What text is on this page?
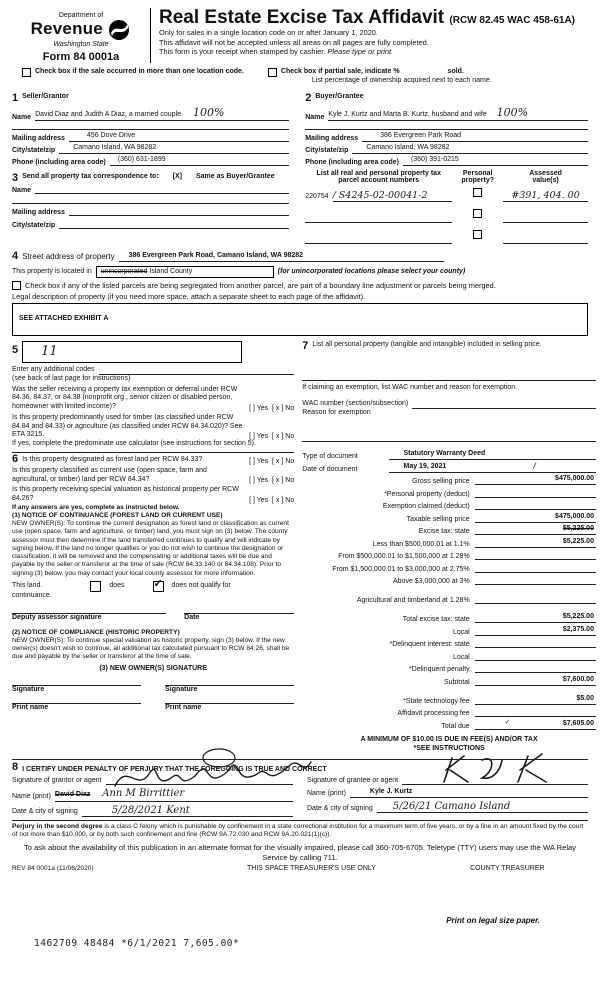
Department of
Revenue
Washington State
Form 84 0001a
Real Estate Excise Tax Affidavit (RCW 82.45 WAC 458-61A)
Only for sales in a single location code on or after January 1, 2020.
This affidavit will not be accepted unless all areas on all pages are fully completed.
This form is your receipt when stamped by cashier. Please type or print.
Check box if the sale occurred in more than one location code.	Check box if partial sale, indicate %	sold.
List percentage of ownership acquired next to each name.
1 Seller/Grantor
Name David Diaz and Judith A Diaz, a married couple 100%
Mailing address	456 Dove Drive
City/state/zip	Camano Island, WA 98282
Phone (including area code)	(360) 631-1899
3 Send all property tax correspondence to: [X] Same as Buyer/Grantee
Name
Mailing address
City/state/zip
2 Buyer/Grantee
Name Kyle J. Kurtz and Marta B. Kurtz, husband and wife 100%
Mailing address	386 Evergreen Park Road
City/state/zip	Camano Island, WA 98282
Phone (including area code)	(360) 391-0215
List all real and personal property tax
parcel account numbers
Personal
property?
Assessed
value(s)
220754 / S4245-02-00041-2	#391, 404. 00
4 Street address of property	386 Evergreen Park Road, Camano Island, WA 98282
This property is located in	unincorporated Island County	(for unincorporated locations please select your county)
Check box if any of the listed parcels are being segregated from another parcel, are part of a boundary line adjustment or parcels being merged.
Legal description of property (if you need more space, attach a separate sheet to each page of the affidavit).
SEE ATTACHED EXHIBIT A
5	11
Enter any additional codes
(see back of last page for instructions)
Was the seller receiving a property tax exemption or deferral under RCW 84.36, 84.37, or 84.38 (nonprofit org., senior citizen or disabled person, homeowner with limited income)?	[ ] Yes [ x ] No
Is this property predominantly used for timber (as classified under RCW 84.84 and 84.33) or agriculture (as classified under RCW 84.34.020)? See ETA 3215.	[ ] Yes [ x ] No
If yes, complete the predominate use calculator (see instructions for section 5).
6 Is this property designated as forest land per RCW 84.33?	[ ] Yes [ x ] No
Is this property classified as current use (open space, farm and agricultural, or timber) land per RCW 84.34?	[ ] Yes [ x ] No
Is this property receiving special valuation as historical property per RCW 84.26?	[ ] Yes [ x ] No
If any answers are yes, complete as instructed below.
(1) NOTICE OF CONTINUANCE (FOREST LAND OR CURRENT USE)
NEW OWNER(S): To continue the current designation as forest land or classification as current use (open space, farm and agriculture, or timber) land, you must sign on (3) below. The county assessor must then determine if the land transferred continues to qualify and will indicate by signing below. If the land no longer qualifies or you do not wish to continue the designation or classification, it will be removed and the compensating or additional taxes will be due and payable by the seller or transferor at the time of sale (RCW 84.33.140 or 84.34.108). Prior to signing (3) below, you may contact your local county assessor for more information.
This land.	does	✓ does not qualify for
continuance.
Deputy assessor signature	Date
(2) NOTICE OF COMPLIANCE (HISTORIC PROPERTY)
NEW OWNER(S): To continue special valuation as historic property, sign (3) below. If the new owner(s) doesn't wish to continue, all additional tax calculated pursuant to RCW 84.26, shall be due and payable by the seller or transferor at the time of sale.
(3) NEW OWNER(S) SIGNATURE
Signature	Signature
Print name	Print name
7 List all personal property (tangible and intangible) included in selling price.
If claiming an exemption, list WAC number and reason for exemption.
WAC number (section/subsection)
Reason for exemption
Type of document	Statutory Warranty Deed
Date of document	May 19, 2021	/
Gross selling price	$475,000.00
*Personal property (deduct)
Exemption claimed (deduct)
Taxable selling price	$475,000.00
Excise tax: state	$5,225.00
Less than $500,000.01 at 1.1%	$5,225.00
From $500,000.01 to $1,500,000 at 1.28%
From $1,500,000.01 to $3,000,000 at 2.75%
Above $3,000,000 at 3%
Agricultural and timberland at 1.28%
Total excise tax: state	$5,225.00
Local	$2,375.00
*Delinquent interest: state
Local
*Delinquent penalty
Subtotal	$7,600.00
*State technology fee	$5.00
Affidavit processing fee
Total due
✓	$7,605.00
A MINIMUM OF $10.00 IS DUE IN FEE(S) AND/OR TAX
*SEE INSTRUCTIONS
8 I CERTIFY UNDER PENALTY OF PERJURY THAT THE FOREGOING IS TRUE AND CORRECT
Signature of grantor or agent
Name (print) David Diaz Ann M Birrittier
Date & city of signing	5/28/2021 Kent
Signature of grantee or agent
Name (print)	Kyle J. Kurtz
Date & city of signing	5/26/21 Camano Island
Perjury in the second degree is a class C felony which is punishable by confinement in a state correctional institution for a maximum term of five years, or by a fine in an amount fixed by the court of not more than $10,000, or by both such confinement and fine (RCW 9A.72.030 and RCW 9A.20.021(1)(c)).
To ask about the availability of this publication in an alternate format for the visually impaired, please call 360-705-6705. Teletype (TTY) users may use the WA Relay Service by calling 711.
REV 84 0001a (11/06/2020)	THIS SPACE TREASURER'S USE ONLY	COUNTY TREASURER
Print on legal size paper.
1462709 48484 *6/1/2021 7,605.00*
